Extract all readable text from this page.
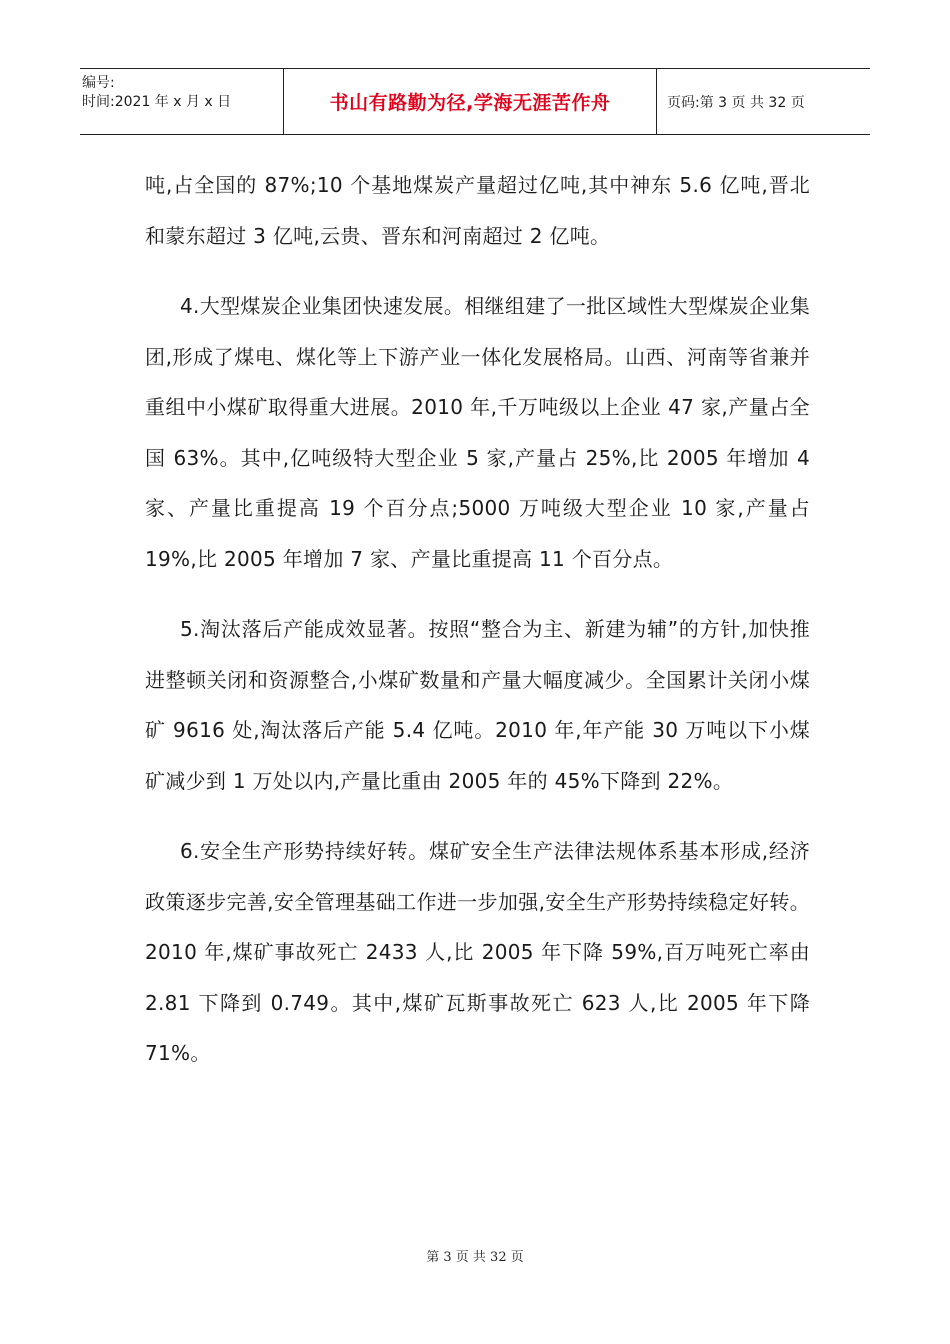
编号:
时间:2021 年 x 月 x 日	书山有路勤为径,学海无涯苦作舟	页码:第 3 页 共 32 页

吨,占全国的 87%;10 个基地煤炭产量超过亿吨,其中神东 5.6 亿吨,晋北和蒙东超过 3 亿吨,云贵、晋东和河南超过 2 亿吨。

4.大型煤炭企业集团快速发展。相继组建了一批区域性大型煤炭企业集团,形成了煤电、煤化等上下游产业一体化发展格局。山西、河南等省兼并重组中小煤矿取得重大进展。2010 年,千万吨级以上企业 47 家,产量占全国 63%。其中,亿吨级特大型企业 5 家,产量占 25%,比 2005 年增加 4 家、产量比重提高 19 个百分点;5000 万吨级大型企业 10 家,产量占 19%,比 2005 年增加 7 家、产量比重提高 11 个百分点。

5.淘汰落后产能成效显著。按照“整合为主、新建为辅”的方针,加快推进整顿关闭和资源整合,小煤矿数量和产量大幅度减少。全国累计关闭小煤矿 9616 处,淘汰落后产能 5.4 亿吨。2010 年,年产能 30 万吨以下小煤矿减少到 1 万处以内,产量比重由 2005 年的 45%下降到 22%。

6.安全生产形势持续好转。煤矿安全生产法律法规体系基本形成,经济政策逐步完善,安全管理基础工作进一步加强,安全生产形势持续稳定好转。2010 年,煤矿事故死亡 2433 人,比 2005 年下降 59%,百万吨死亡率由 2.81 下降到 0.749。其中,煤矿瓦斯事故死亡 623 人,比 2005 年下降 71%。

第 3 页 共 32 页
